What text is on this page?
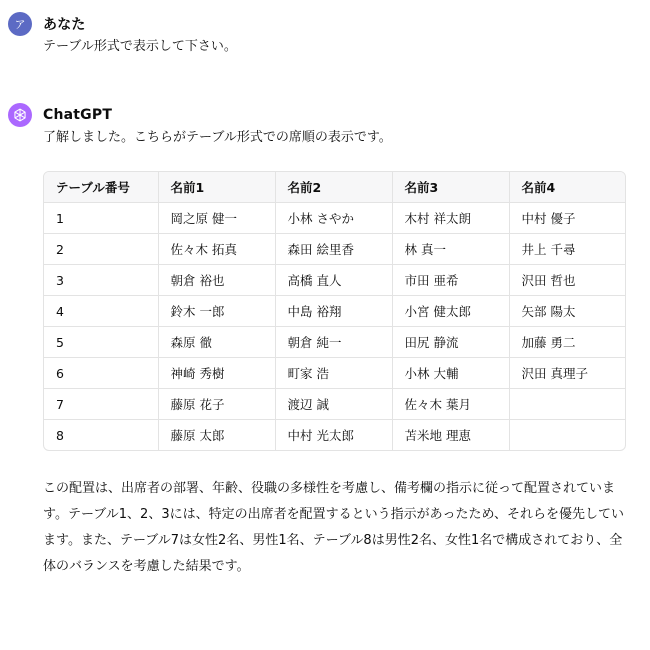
ア あなた
テーブル形式で表示して下さい。
ChatGPT
了解しました。こちらがテーブル形式での席順の表示です。
テーブル番号	名前1	名前2	名前3	名前4
1	岡之原 健一	小林 さやか	木村 祥太朗	中村 優子
2	佐々木 拓真	森田 絵里香	林 真一	井上 千尋
3	朝倉 裕也	高橋 直人	市田 亜希	沢田 哲也
4	鈴木 一郎	中島 裕翔	小宮 健太郎	矢部 陽太
5	森原 徹	朝倉 純一	田尻 静流	加藤 勇二
6	神崎 秀樹	町家 浩	小林 大輔	沢田 真理子
7	藤原 花子	渡辺 誠	佐々木 葉月	
8	藤原 太郎	中村 光太郎	苫米地 理恵	
この配置は、出席者の部署、年齢、役職の多様性を考慮し、備考欄の指示に従って配置されています。テーブル1、2、3には、特定の出席者を配置するという指示があったため、それらを優先しています。また、テーブル7は女性2名、男性1名、テーブル8は男性2名、女性1名で構成されており、全体のバランスを考慮した結果です。
